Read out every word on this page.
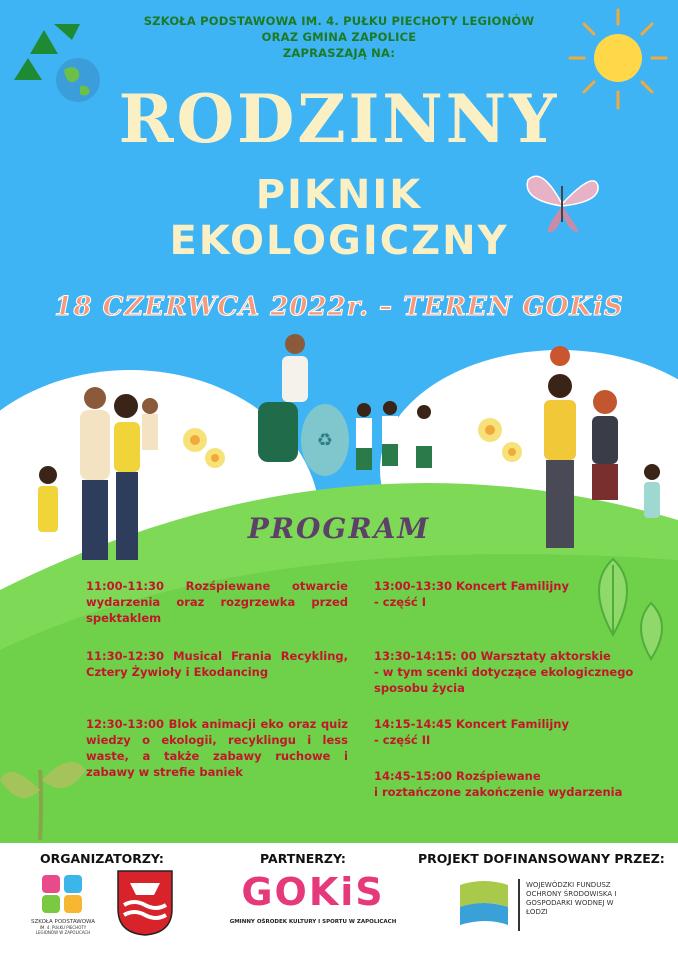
SZKOŁA PODSTAWOWA IM. 4. PUŁKU PIECHOTY LEGIONÓW
ORAZ GMINA ZAPOLICE
ZAPRASZAJĄ NA:
RODZINNY
PIKNIK
EKOLOGICZNY
18 CZERWCA 2022r. – TEREN GOKiS
♻
PROGRAM
11:00-11:30 Rozśpiewane otwarcie wydarzenia oraz rozgrzewka przed spektaklem
11:30-12:30 Musical Frania Recykling, Cztery Żywioły i Ekodancing
12:30-13:00 Blok animacji eko oraz quiz wiedzy o ekologii, recyklingu i less waste, a także zabawy ruchowe i zabawy w strefie baniek
13:00-13:30 Koncert Familijny
- część I
13:30-14:15: 00 Warsztaty aktorskie
- w tym scenki dotyczące ekologicznego sposobu życia
14:15-14:45 Koncert Familijny
- część II
14:45-15:00 Rozśpiewane
i roztańczone zakończenie wydarzenia
ORGANIZATORZY:	PARTNERZY:	PROJEKT DOFINANSOWANY PRZEZ:
SZKOŁA PODSTAWOWA
IM. 4. PUŁKU PIECHOTY LEGIONÓW W ZAPOLICACH
GOKiS
GMINNY OŚRODEK KULTURY I SPORTU W ZAPOLICACH
WOJEWÓDZKI FUNDUSZ OCHRONY ŚRODOWISKA I GOSPODARKI WODNEJ W ŁODZI
